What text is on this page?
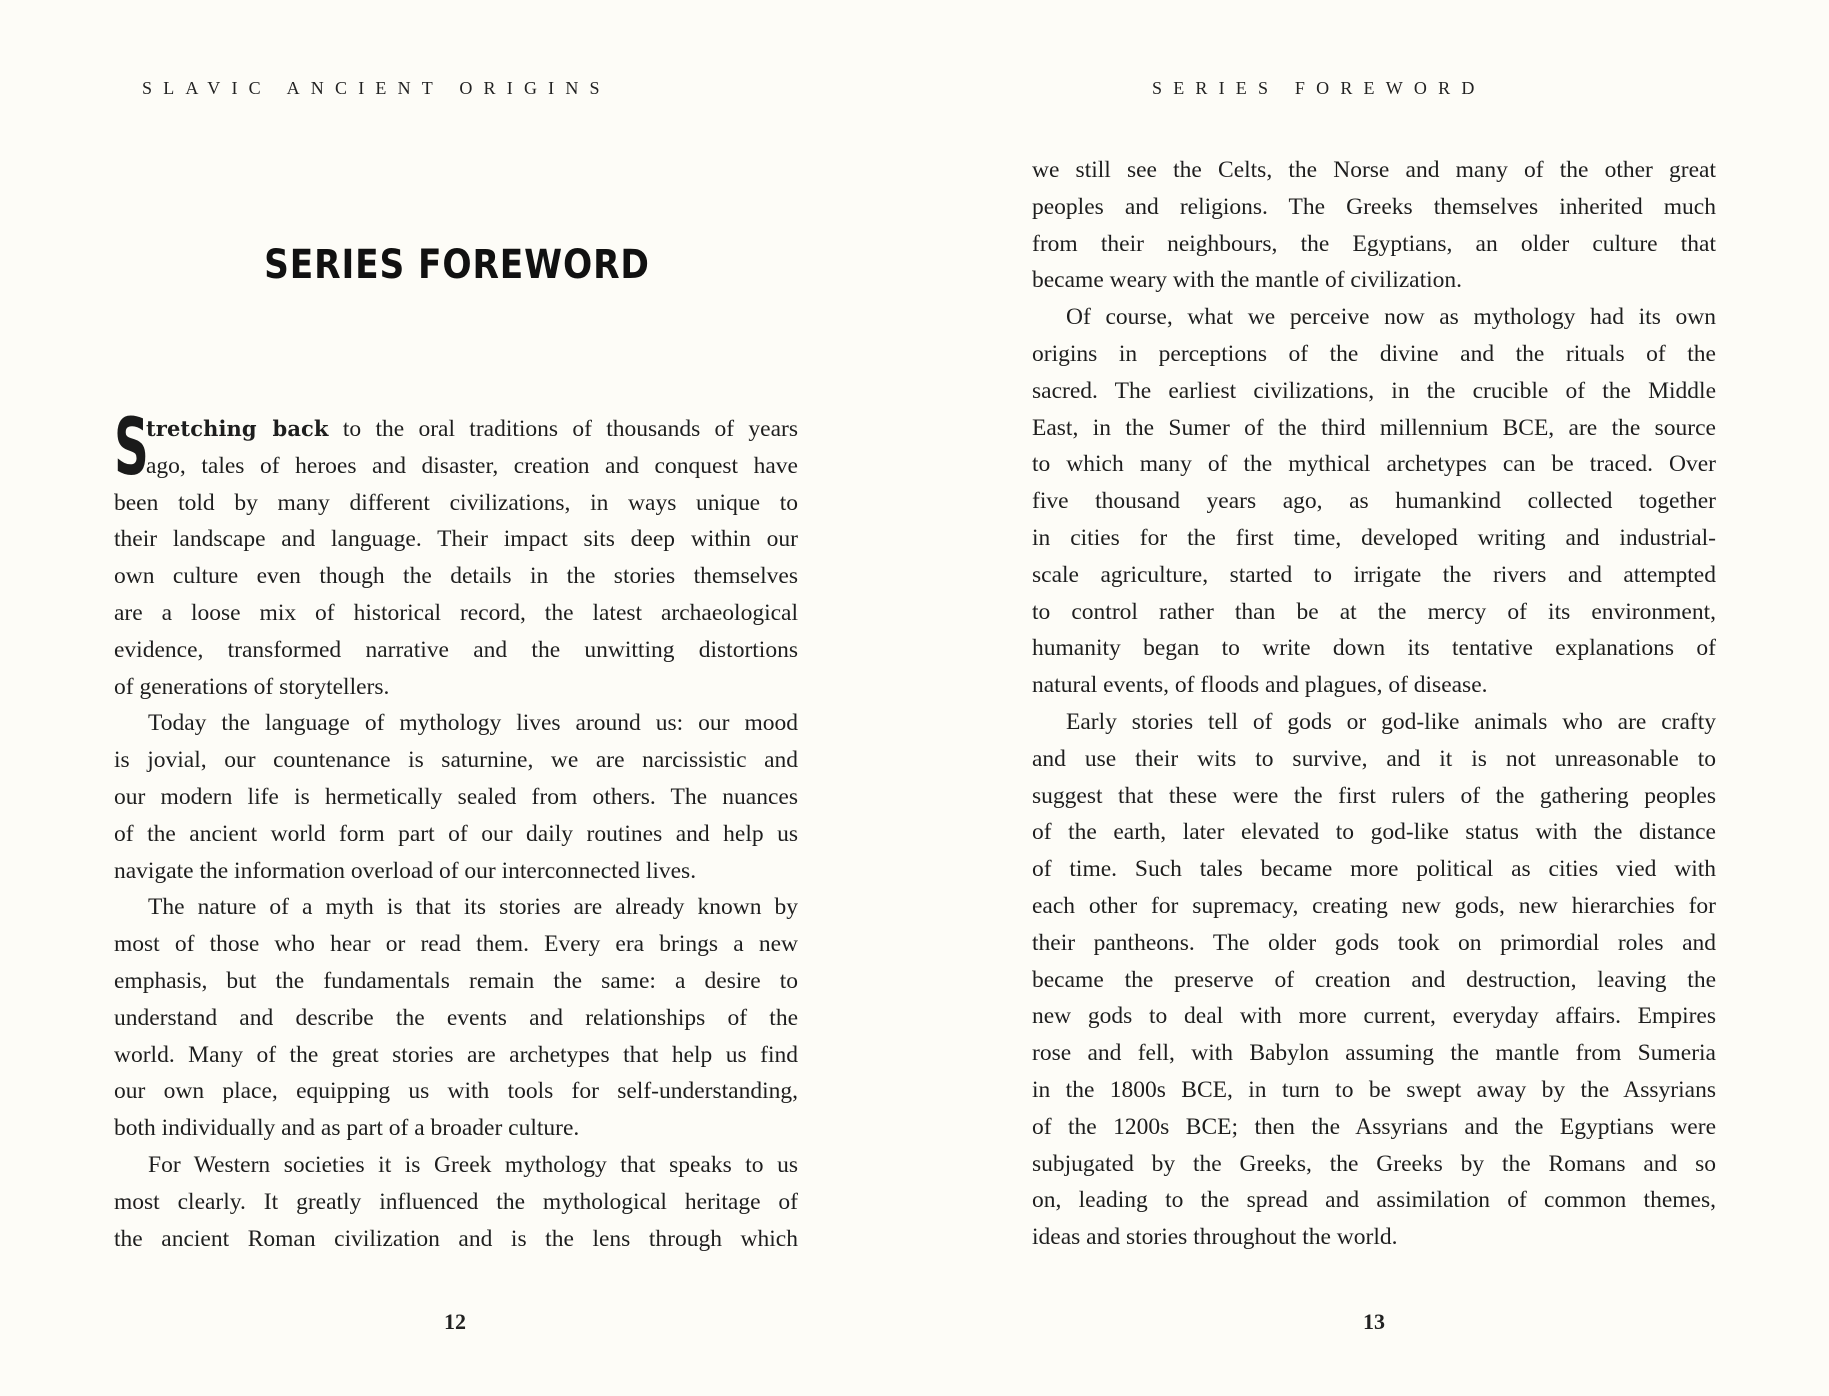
SLAVIC ANCIENT ORIGINS
SERIES FOREWORD
S
tretching back to the oral traditions of thousands of years
ago, tales of heroes and disaster, creation and conquest have
been told by many different civilizations, in ways unique to
their landscape and language. Their impact sits deep within our
own culture even though the details in the stories themselves
are a loose mix of historical record, the latest archaeological
evidence, transformed narrative and the unwitting distortions
of generations of storytellers.
Today the language of mythology lives around us: our mood
is jovial, our countenance is saturnine, we are narcissistic and
our modern life is hermetically sealed from others. The nuances
of the ancient world form part of our daily routines and help us
navigate the information overload of our interconnected lives.
The nature of a myth is that its stories are already known by
most of those who hear or read them. Every era brings a new
emphasis, but the fundamentals remain the same: a desire to
understand and describe the events and relationships of the
world. Many of the great stories are archetypes that help us find
our own place, equipping us with tools for self-understanding,
both individually and as part of a broader culture.
For Western societies it is Greek mythology that speaks to us
most clearly. It greatly influenced the mythological heritage of
the ancient Roman civilization and is the lens through which

12

SERIES FOREWORD
we still see the Celts, the Norse and many of the other great
peoples and religions. The Greeks themselves inherited much
from their neighbours, the Egyptians, an older culture that
became weary with the mantle of civilization.
Of course, what we perceive now as mythology had its own
origins in perceptions of the divine and the rituals of the
sacred. The earliest civilizations, in the crucible of the Middle
East, in the Sumer of the third millennium BCE, are the source
to which many of the mythical archetypes can be traced. Over
five thousand years ago, as humankind collected together
in cities for the first time, developed writing and industrial-
scale agriculture, started to irrigate the rivers and attempted
to control rather than be at the mercy of its environment,
humanity began to write down its tentative explanations of
natural events, of floods and plagues, of disease.
Early stories tell of gods or god-like animals who are crafty
and use their wits to survive, and it is not unreasonable to
suggest that these were the first rulers of the gathering peoples
of the earth, later elevated to god-like status with the distance
of time. Such tales became more political as cities vied with
each other for supremacy, creating new gods, new hierarchies for
their pantheons. The older gods took on primordial roles and
became the preserve of creation and destruction, leaving the
new gods to deal with more current, everyday affairs. Empires
rose and fell, with Babylon assuming the mantle from Sumeria
in the 1800s BCE, in turn to be swept away by the Assyrians
of the 1200s BCE; then the Assyrians and the Egyptians were
subjugated by the Greeks, the Greeks by the Romans and so
on, leading to the spread and assimilation of common themes,
ideas and stories throughout the world.

13
